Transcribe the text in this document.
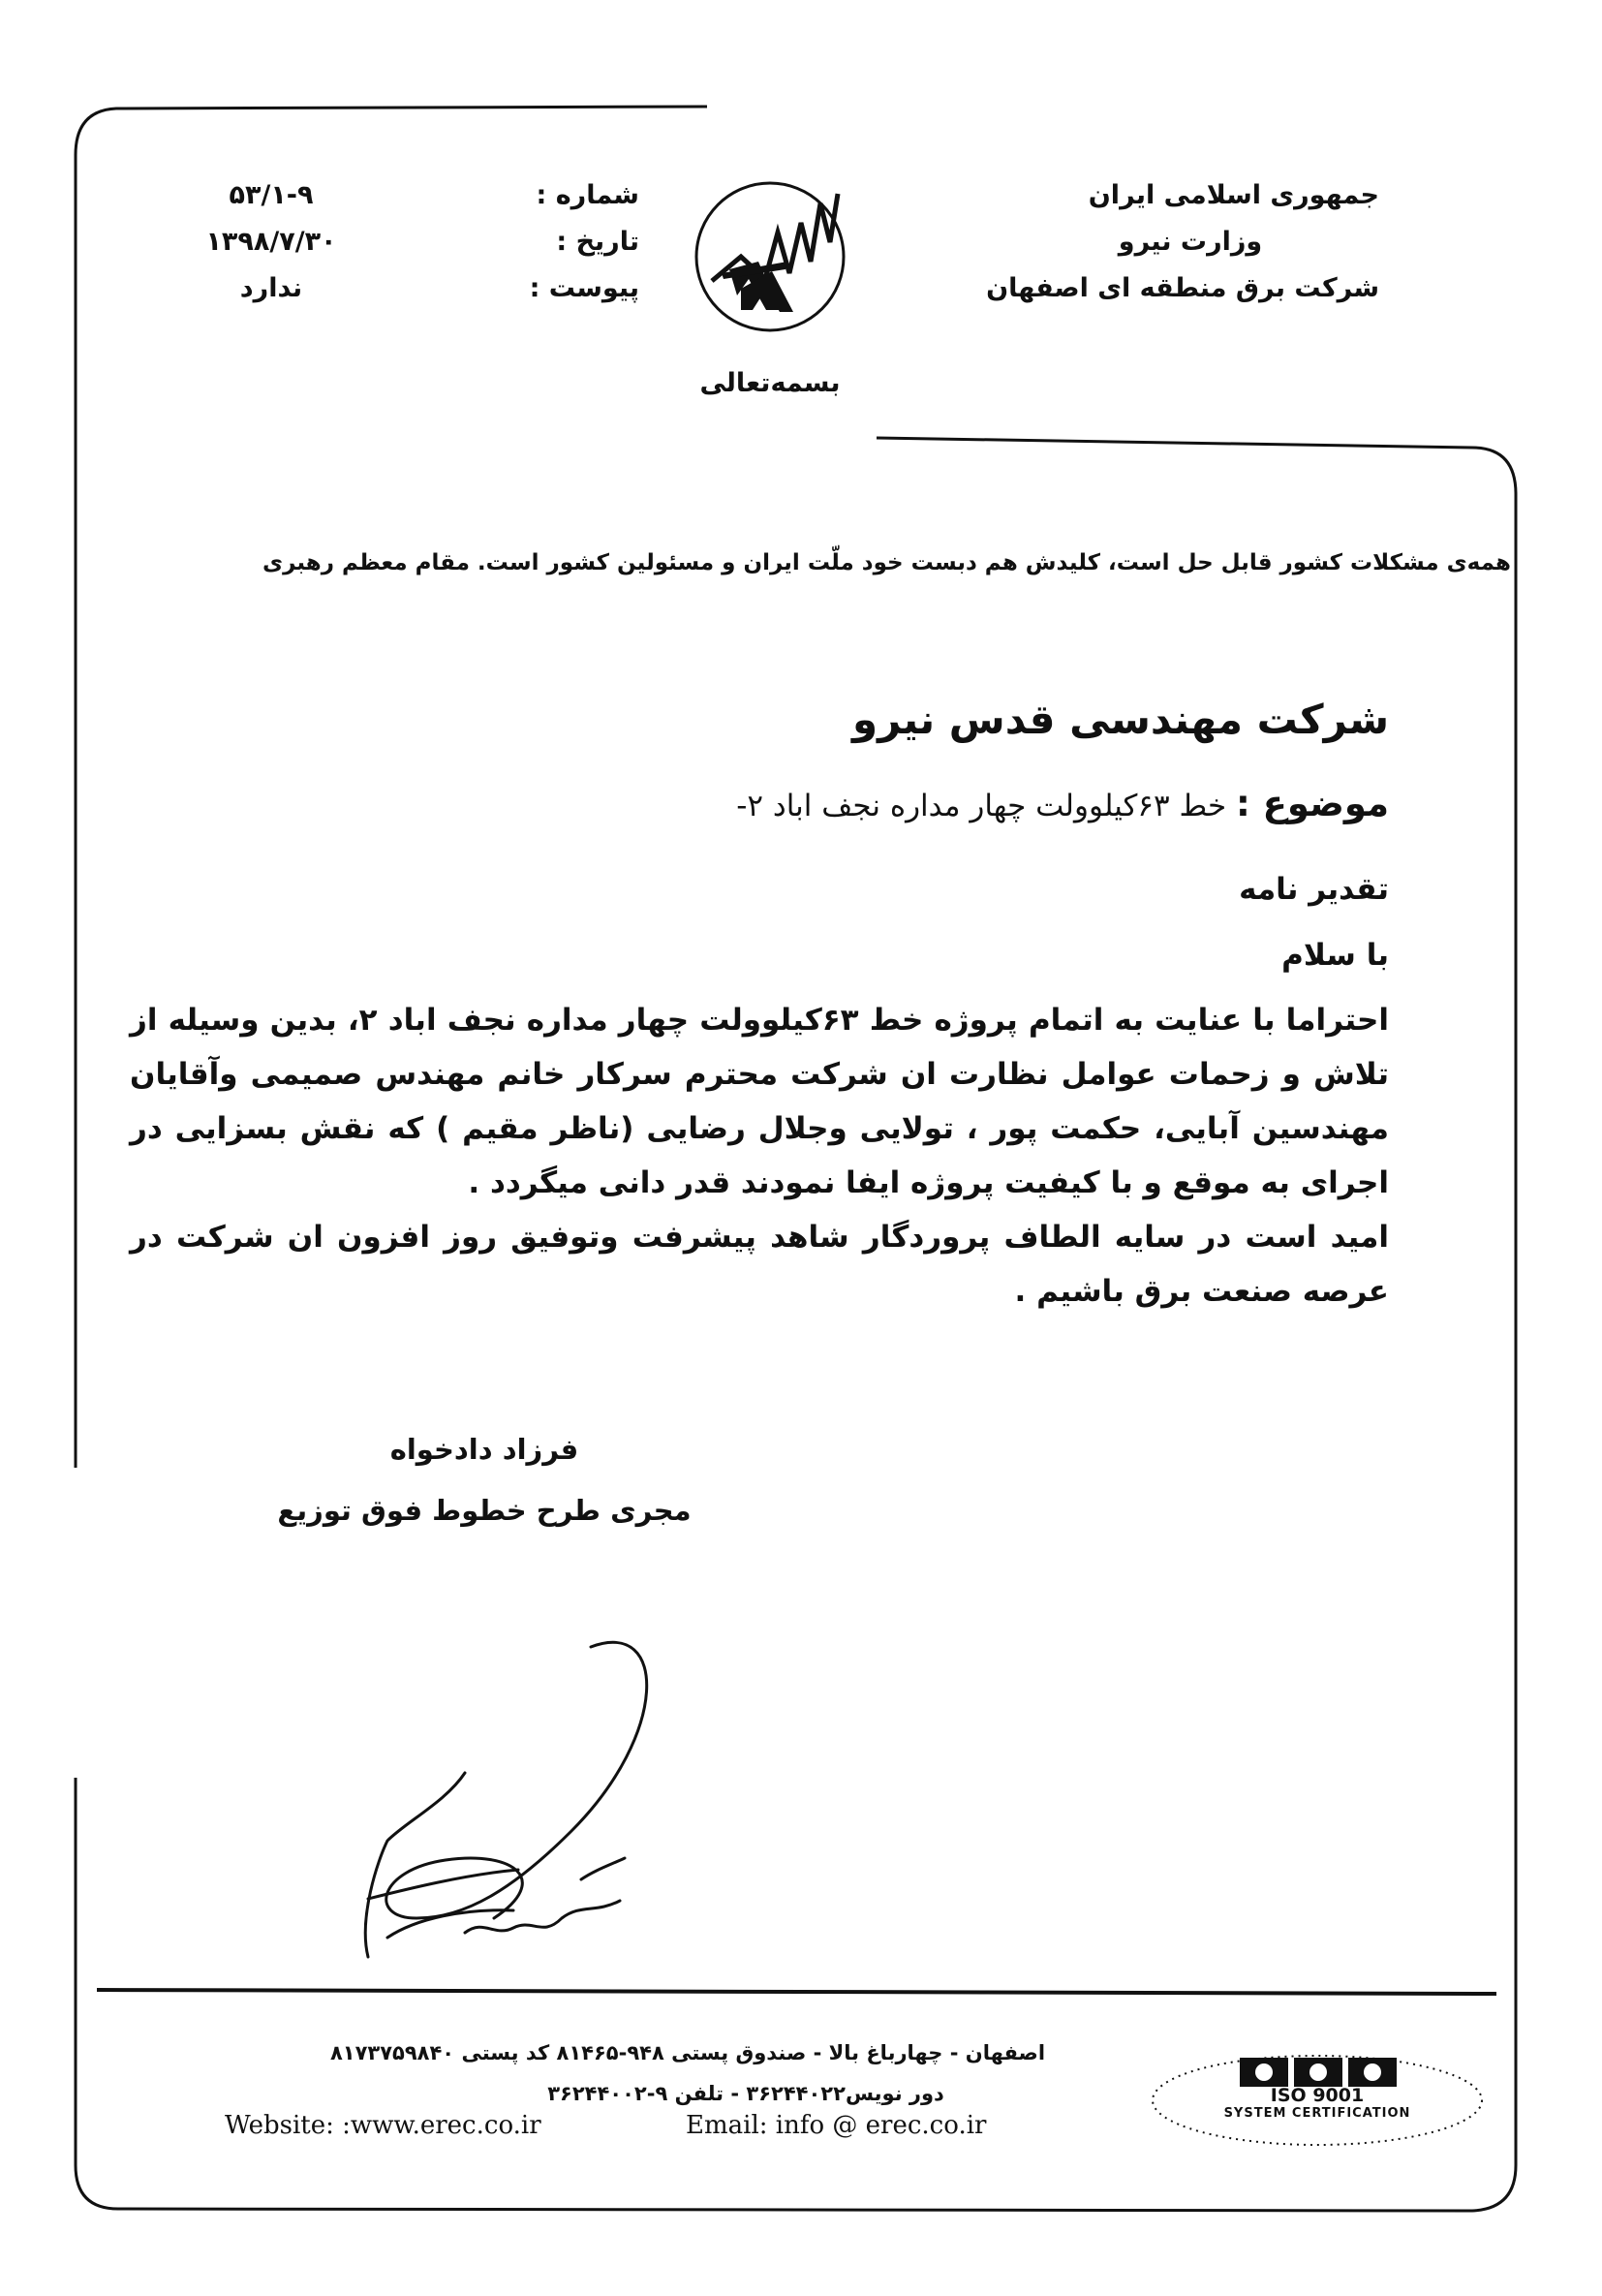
جمهوری اسلامی ایران
وزارت نیرو
شرکت برق منطقه ای اصفهان
شماره :
۵۳/۱-۹
تاریخ :
۱۳۹۸/۷/۳۰
پیوست :
ندارد
بسمه‌تعالی
همه‌ی مشکلات کشور قابل حل است، کلیدش هم دبست خود ملّت ایران و مسئولین کشور است. مقام معظم رهبری
شرکت مهندسی قدس نیرو
موضوع : خط ۶۳کیلوولت چهار مداره نجف اباد ۲-
تقدیر نامه
با سلام

احتراما با عنایت به اتمام پروژه خط ۶۳کیلوولت چهار مداره نجف اباد ۲، بدین وسیله از تلاش و زحمات عوامل نظارت ان شرکت محترم سرکار خانم مهندس صمیمی وآقایان مهندسین آبایی، حکمت پور ، تولایی وجلال رضایی (ناظر مقیم ) که نقش بسزایی در اجرای به موقع و با کیفیت پروژه ایفا نمودند قدر دانی میگردد .

امید است در سایه الطاف پروردگار شاهد پیشرفت وتوفیق روز افزون ان شرکت در عرصه صنعت برق باشیم .

فرزاد دادخواه
مجری طرح خطوط فوق توزیع
اصفهان - چهارباغ بالا - صندوق پستی ۹۴۸-۸۱۴۶۵ کد پستی ۸۱۷۳۷۵۹۸۴۰
دور نویس۳۶۲۴۴۰۲۲ - تلفن ۹-۳۶۲۴۴۰۰۲
Website: :www.erec.co.ir	Email: info @ erec.co.ir
ISO 9001
SYSTEM CERTIFICATION
